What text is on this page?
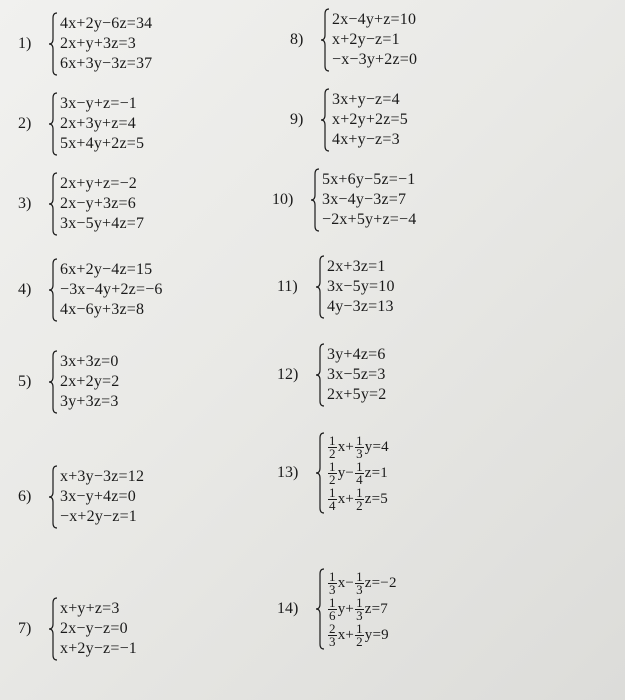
1)
4x+2y−6z=34
2x+y+3z=3
6x+3y−3z=37
2)
3x−y+z=−1
2x+3y+z=4
5x+4y+2z=5
3)
2x+y+z=−2
2x−y+3z=6
3x−5y+4z=7
4)
6x+2y−4z=15
−3x−4y+2z=−6
4x−6y+3z=8
5)
3x+3z=0
2x+2y=2
3y+3z=3
6)
x+3y−3z=12
3x−y+4z=0
−x+2y−z=1
7)
x+y+z=3
2x−y−z=0
x+2y−z=−1
8)
2x−4y+z=10
x+2y−z=1
−x−3y+2z=0
9)
3x+y−z=4
x+2y+2z=5
4x+y−z=3
10)
5x+6y−5z=−1
3x−4y−3z=7
−2x+5y+z=−4
11)
2x+3z=1
3x−5y=10
4y−3z=13
12)
3y+4z=6
3x−5z=3
2x+5y=2
13)
$\frac{1}{2} x+ \frac{1}{3} y=4$
$\frac{1}{2} y- \frac{1}{4} z=1$
$\frac{1}{4} x+ \frac{1}{2} z=5$
14)
$\frac{1}{3} x- \frac{1}{3} z=-2$
$\frac{1}{6} y+ \frac{1}{3} z=7$
$\frac{2}{3} x+ \frac{1}{2} y=9$
